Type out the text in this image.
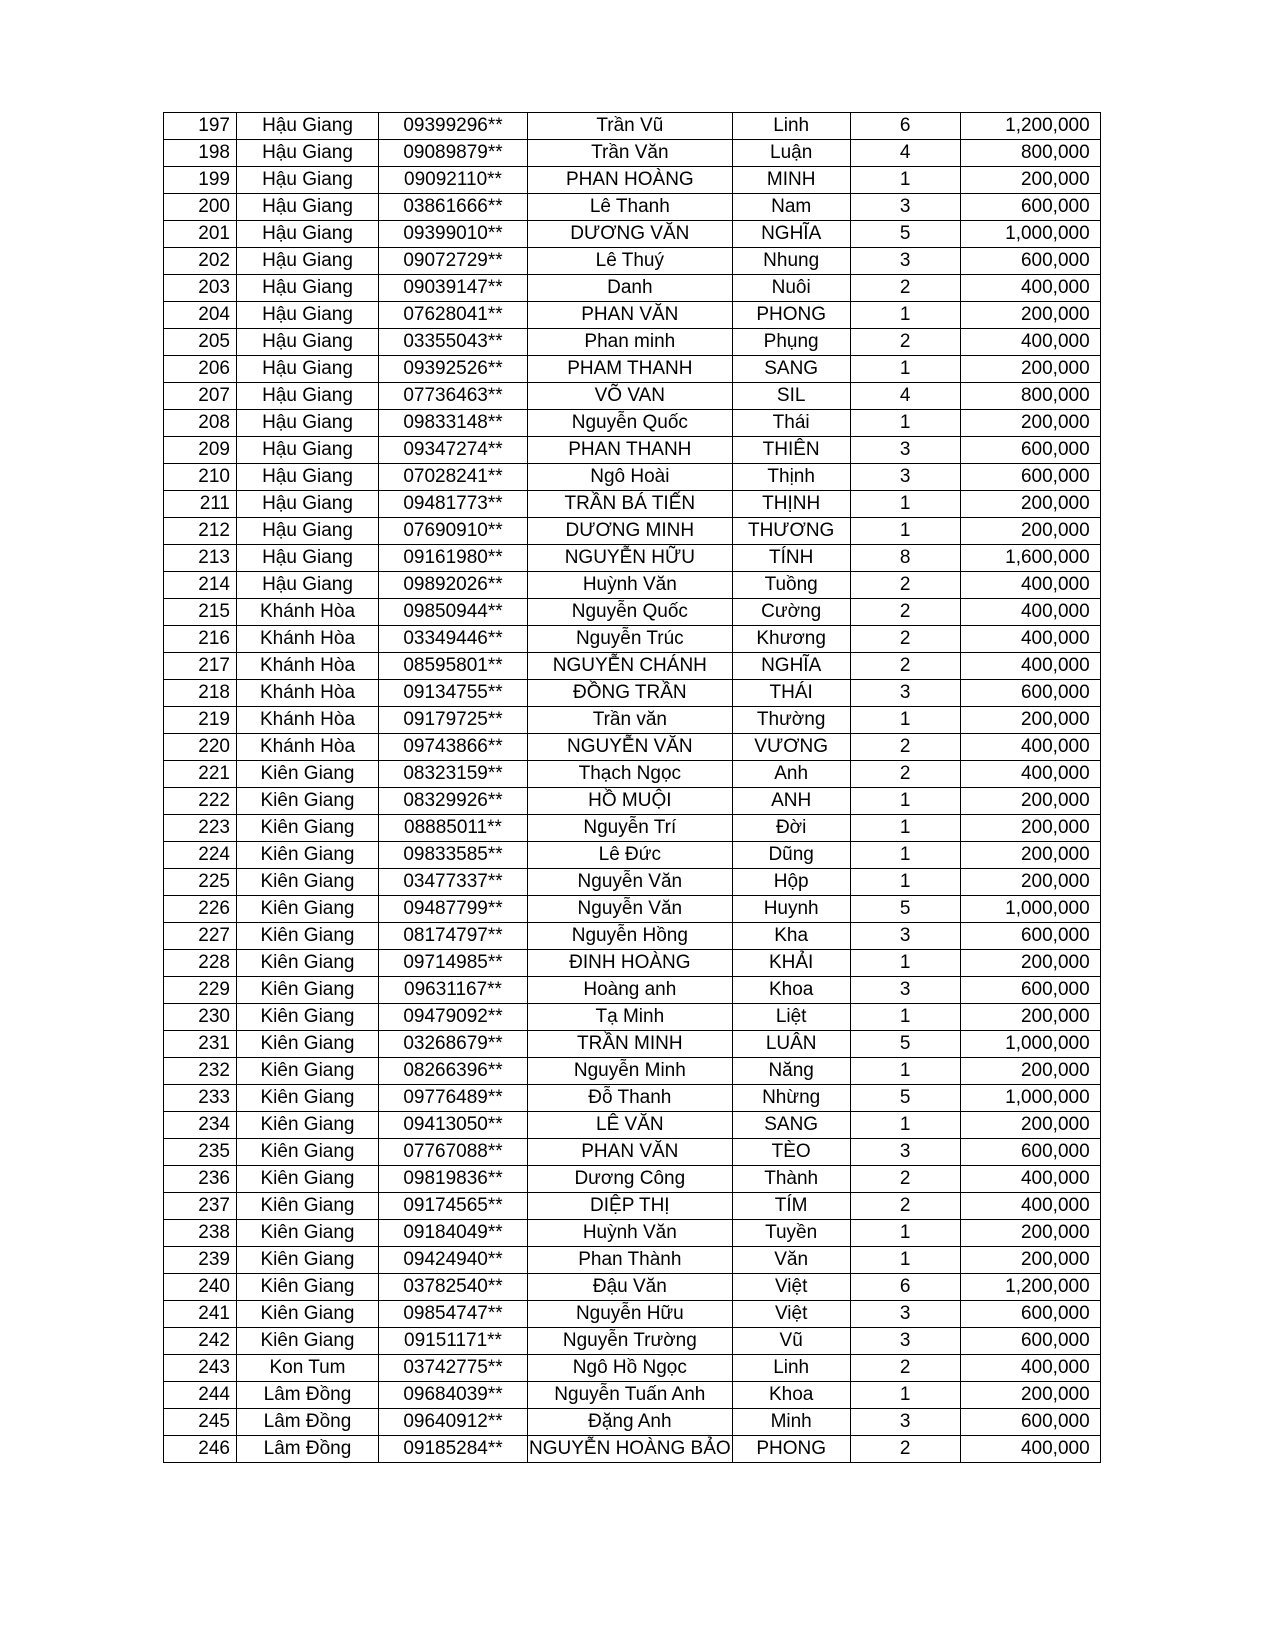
197	Hậu Giang	09399296**	Trần Vũ	Linh	6	1,200,000
198	Hậu Giang	09089879**	Trần Văn	Luận	4	800,000
199	Hậu Giang	09092110**	PHAN HOÀNG	MINH	1	200,000
200	Hậu Giang	03861666**	Lê Thanh	Nam	3	600,000
201	Hậu Giang	09399010**	DƯƠNG VĂN	NGHĨA	5	1,000,000
202	Hậu Giang	09072729**	Lê Thuý	Nhung	3	600,000
203	Hậu Giang	09039147**	Danh	Nuôi	2	400,000
204	Hậu Giang	07628041**	PHAN VĂN	PHONG	1	200,000
205	Hậu Giang	03355043**	Phan minh	Phụng	2	400,000
206	Hậu Giang	09392526**	PHAM THANH	SANG	1	200,000
207	Hậu Giang	07736463**	VÕ VAN	SIL	4	800,000
208	Hậu Giang	09833148**	Nguyễn Quốc	Thái	1	200,000
209	Hậu Giang	09347274**	PHAN THANH	THIÊN	3	600,000
210	Hậu Giang	07028241**	Ngô Hoài	Thịnh	3	600,000
211	Hậu Giang	09481773**	TRẦN BÁ TIẾN	THỊNH	1	200,000
212	Hậu Giang	07690910**	DƯƠNG MINH	THƯƠNG	1	200,000
213	Hậu Giang	09161980**	NGUYỄN HỮU	TÍNH	8	1,600,000
214	Hậu Giang	09892026**	Huỳnh Văn	Tuồng	2	400,000
215	Khánh Hòa	09850944**	Nguyễn Quốc	Cường	2	400,000
216	Khánh Hòa	03349446**	Nguyễn Trúc	Khương	2	400,000
217	Khánh Hòa	08595801**	NGUYỄN CHÁNH	NGHĨA	2	400,000
218	Khánh Hòa	09134755**	ĐỒNG TRẦN	THÁI	3	600,000
219	Khánh Hòa	09179725**	Trần văn	Thường	1	200,000
220	Khánh Hòa	09743866**	NGUYỄN VĂN	VƯƠNG	2	400,000
221	Kiên Giang	08323159**	Thạch Ngọc	Anh	2	400,000
222	Kiên Giang	08329926**	HỒ MUỘI	ANH	1	200,000
223	Kiên Giang	08885011**	Nguyễn Trí	Đời	1	200,000
224	Kiên Giang	09833585**	Lê Đức	Dũng	1	200,000
225	Kiên Giang	03477337**	Nguyễn Văn	Hộp	1	200,000
226	Kiên Giang	09487799**	Nguyễn Văn	Huynh	5	1,000,000
227	Kiên Giang	08174797**	Nguyễn Hồng	Kha	3	600,000
228	Kiên Giang	09714985**	ĐINH HOÀNG	KHẢI	1	200,000
229	Kiên Giang	09631167**	Hoàng anh	Khoa	3	600,000
230	Kiên Giang	09479092**	Tạ Minh	Liệt	1	200,000
231	Kiên Giang	03268679**	TRẦN MINH	LUÂN	5	1,000,000
232	Kiên Giang	08266396**	Nguyễn Minh	Năng	1	200,000
233	Kiên Giang	09776489**	Đỗ Thanh	Nhừng	5	1,000,000
234	Kiên Giang	09413050**	LÊ VĂN	SANG	1	200,000
235	Kiên Giang	07767088**	PHAN VĂN	TÈO	3	600,000
236	Kiên Giang	09819836**	Dương Công	Thành	2	400,000
237	Kiên Giang	09174565**	DIỆP THỊ	TÍM	2	400,000
238	Kiên Giang	09184049**	Huỳnh Văn	Tuyền	1	200,000
239	Kiên Giang	09424940**	Phan Thành	Văn	1	200,000
240	Kiên Giang	03782540**	Đậu Văn	Việt	6	1,200,000
241	Kiên Giang	09854747**	Nguyễn Hữu	Việt	3	600,000
242	Kiên Giang	09151171**	Nguyễn Trường	Vũ	3	600,000
243	Kon Tum	03742775**	Ngô Hồ Ngọc	Linh	2	400,000
244	Lâm Đồng	09684039**	Nguyễn Tuấn Anh	Khoa	1	200,000
245	Lâm Đồng	09640912**	Đặng Anh	Minh	3	600,000
246	Lâm Đồng	09185284**	NGUYỄN HOÀNG BẢO	PHONG	2	400,000
